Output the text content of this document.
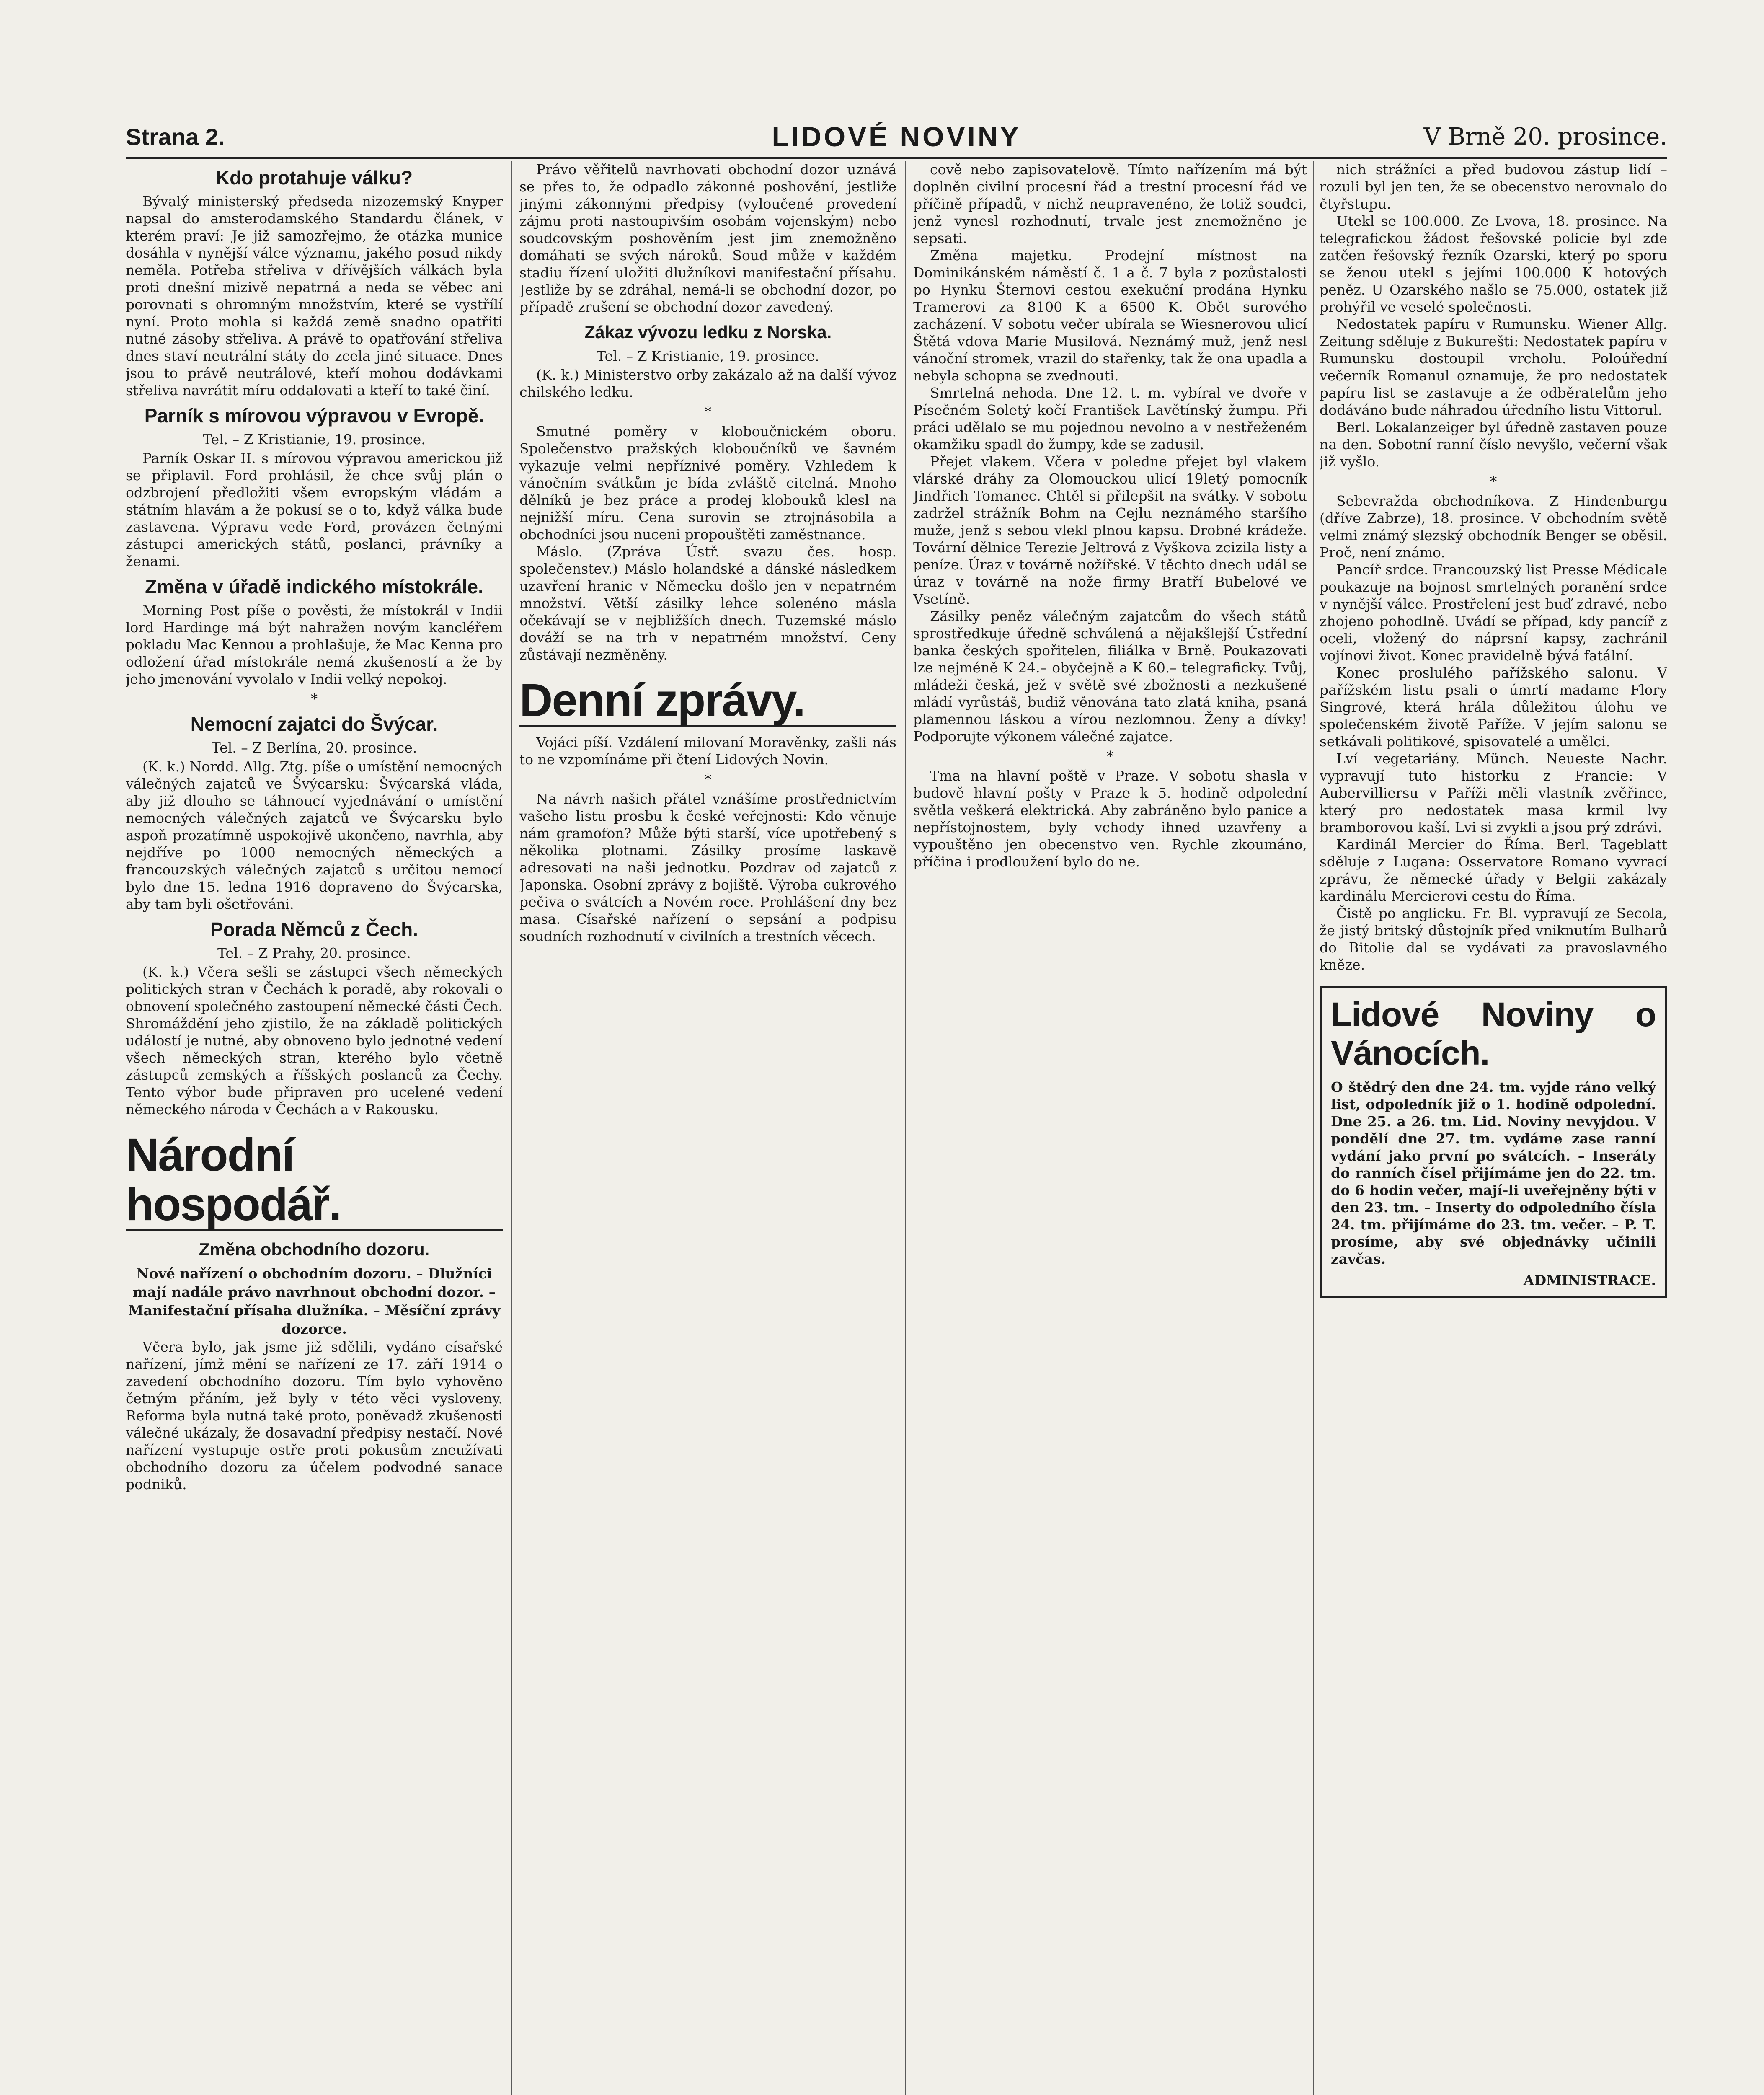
Strana 2.	LIDOVÉ NOVINY	V Brně 20. prosince.
Kdo protahuje válku?

Bývalý ministerský předseda nizozemský Knyper napsal do amsterodamského Standardu článek, v kterém praví: Je již samozřejmo, že otázka munice dosáhla v nynější válce významu, jakého posud nikdy neměla. Potřeba střeliva v dřívějších válkách byla proti dnešní mizivě nepatrná a neda se věbec ani porovnati s ohromným množstvím, které se vystřílí nyní. Proto mohla si každá země snadno opatřiti nutné zásoby střeliva. A právě to opatřování střeliva dnes staví neutrální státy do zcela jiné situace. Dnes jsou to právě neutrálové, kteří mohou dodávkami střeliva navrátit míru oddalovati a kteří to také činí.

Parník s mírovou výpravou v Evropě.

Tel. – Z Kristianie, 19. prosince.

Parník Oskar II. s mírovou výpravou americkou již se připlavil. Ford prohlásil, že chce svůj plán o odzbrojení předložiti všem evropským vládám a státním hlavám a že pokusí se o to, když válka bude zastavena. Výpravu vede Ford, provázen četnými zástupci amerických států, poslanci, právníky a ženami.

Změna v úřadě indického místokrále.

Morning Post píše o pověsti, že místokrál v Indii lord Hardinge má být nahražen novým kancléřem pokladu Mac Kennou a prohlašuje, že Mac Kenna pro odložení úřad místokrále nemá zkušeností a že by jeho jmenování vyvolalo v Indii velký nepokoj.

*

Nemocní zajatci do Švýcar.

Tel. – Z Berlína, 20. prosince.

(K. k.) Nordd. Allg. Ztg. píše o umístění nemocných válečných zajatců ve Švýcarsku: Švýcarská vláda, aby již dlouho se táhnoucí vyjednávání o umístění nemocných válečných zajatců ve Švýcarsku bylo aspoň prozatímně uspokojivě ukončeno, navrhla, aby nejdříve po 1000 nemocných německých a francouzských válečných zajatců s určitou nemocí bylo dne 15. ledna 1916 dopraveno do Švýcarska, aby tam byli ošetřováni.

Porada Němců z Čech.

Tel. – Z Prahy, 20. prosince.

(K. k.) Včera sešli se zástupci všech německých politických stran v Čechách k poradě, aby rokovali o obnovení společného zastoupení německé části Čech. Shromáždění jeho zjistilo, že na základě politických událostí je nutné, aby obnoveno bylo jednotné vedení všech německých stran, kterého bylo včetně zástupců zemských a říšských poslanců za Čechy. Tento výbor bude připraven pro ucelené vedení německého národa v Čechách a v Rakousku.

Národní hospodář.
Změna obchodního dozoru.

Nové nařízení o obchodním dozoru. – Dlužníci mají nadále právo navrhnout obchodní dozor. – Manifestační přísaha dlužníka. – Měsíční zprávy dozorce.

Včera bylo, jak jsme již sdělili, vydáno císařské nařízení, jímž mění se nařízení ze 17. září 1914 o zavedení obchodního dozoru. Tím bylo vyhověno četným přáním, jež byly v této věci vysloveny. Reforma byla nutná také proto, poněvadž zkušenosti válečné ukázaly, že dosavadní předpisy nestačí. Nové nařízení vystupuje ostře proti pokusům zneužívati obchodního dozoru za účelem podvodné sanace podniků.

Právo věřitelů navrhovati obchodní dozor uznává se přes to, že odpadlo zákonné poshovění, jestliže jinými zákonnými předpisy (vyloučené provedení zájmu proti nastoupivším osobám vojenským) nebo soudcovským poshověním jest jim znemožněno domáhati se svých nároků. Soud může v každém stadiu řízení uložiti dlužníkovi manifestační přísahu. Jestliže by se zdráhal, nemá-li se obchodní dozor, po případě zrušení se obchodní dozor zavedený.

Zákaz vývozu ledku z Norska.

Tel. – Z Kristianie, 19. prosince.

(K. k.) Ministerstvo orby zakázalo až na další vývoz chilského ledku.

*

Smutné poměry v kloboučnickém oboru. Společenstvo pražských kloboučníků ve šavném vykazuje velmi nepříznivé poměry. Vzhledem k vánočním svátkům je bída zvláště citelná. Mnoho dělníků je bez práce a prodej klobouků klesl na nejnižší míru. Cena surovin se ztrojnásobila a obchodníci jsou nuceni propouštěti zaměstnance.

Máslo. (Zpráva Ústř. svazu čes. hosp. společenstev.) Máslo holandské a dánské následkem uzavření hranic v Německu došlo jen v nepatrném množství. Větší zásilky lehce solenéno másla očekávají se v nejbližších dnech. Tuzemské máslo dováží se na trh v nepatrném množství. Ceny zůstávají nezměněny.

Denní zprávy.

Vojáci píší. Vzdálení milovaní Moravěnky, zašli nás to ne vzpomínáme při čtení Lidových Novin.

*

Na návrh našich přátel vznášíme prostřednictvím vašeho listu prosbu k české veřejnosti: Kdo věnuje nám gramofon? Může býti starší, více upotřebený s několika plotnami. Zásilky prosíme laskavě adresovati na naši jednotku. Pozdrav od zajatců z Japonska. Osobní zprávy z bojiště. Výroba cukrového pečiva o svátcích a Novém roce. Prohlášení dny bez masa. Císařské nařízení o sepsání a podpisu soudních rozhodnutí v civilních a trestních věcech.

cově nebo zapisovatelově. Tímto nařízením má být doplněn civilní procesní řád a trestní procesní řád ve příčině případů, v nichž neupravenéno, že totiž soudci, jenž vynesl rozhodnutí, trvale jest znemožněno je sepsati.

Změna majetku. Prodejní místnost na Dominikánském náměstí č. 1 a č. 7 byla z pozůstalosti po Hynku Šternovi cestou exekuční prodána Hynku Tramerovi za 8100 K a 6500 K. Obět surového zacházení. V sobotu večer ubírala se Wiesnerovou ulicí Štětá vdova Marie Musilová. Neznámý muž, jenž nesl vánoční stromek, vrazil do stařenky, tak že ona upadla a nebyla schopna se zvednouti.

Smrtelná nehoda. Dne 12. t. m. vybíral ve dvoře v Písečném Soletý kočí František Lavětínský žumpu. Při práci udělalo se mu pojednou nevolno a v nestřeženém okamžiku spadl do žumpy, kde se zadusil.

Přejet vlakem. Včera v poledne přejet byl vlakem vlárské dráhy za Olomouckou ulicí 19letý pomocník Jindřich Tomanec. Chtěl si přilepšit na svátky. V sobotu zadržel strážník Bohm na Cejlu neznámého staršího muže, jenž s sebou vlekl plnou kapsu. Drobné krádeže. Tovární dělnice Terezie Jeltrová z Vyškova zcizila listy a peníze. Úraz v továrně nožířské. V těchto dnech udál se úraz v továrně na nože firmy Bratří Bubelové ve Vsetíně.

Zásilky peněz válečným zajatcům do všech států sprostředkuje úředně schválená a nějakšlejší Ústřední banka českých spořitelen, filiálka v Brně. Poukazovati lze nejméně K 24.– obyčejně a K 60.– telegraficky. Tvůj, mládeži česká, jež v světě své zbožnosti a nezkušené mládí vyrůstáš, budiž věnována tato zlatá kniha, psaná plamennou láskou a vírou nezlomnou. Ženy a dívky! Podporujte výkonem válečné zajatce.

*

Tma na hlavní poště v Praze. V sobotu shasla v budově hlavní pošty v Praze k 5. hodině odpolední světla veškerá elektrická. Aby zabráněno bylo panice a nepřístojnostem, byly vchody ihned uzavřeny a vypouštěno jen obecenstvo ven. Rychle zkoumáno, příčina i prodloužení bylo do ne.

nich strážníci a před budovou zástup lidí – rozuli byl jen ten, že se obecenstvo nerovnalo do čtyřstupu.

Utekl se 100.000. Ze Lvova, 18. prosince. Na telegrafickou žádost řešovské policie byl zde zatčen řešovský řezník Ozarski, který po sporu se ženou utekl s jejími 100.000 K hotových peněz. U Ozarského našlo se 75.000, ostatek již prohýřil ve veselé společnosti.

Nedostatek papíru v Rumunsku. Wiener Allg. Zeitung sděluje z Bukurešti: Nedostatek papíru v Rumunsku dostoupil vrcholu. Poloúřední večerník Romanul oznamuje, že pro nedostatek papíru list se zastavuje a že odběratelům jeho dodáváno bude náhradou úředního listu Vittorul.

Berl. Lokalanzeiger byl úředně zastaven pouze na den. Sobotní ranní číslo nevyšlo, večerní však již vyšlo.

*

Sebevražda obchodníkova. Z Hindenburgu (dříve Zabrze), 18. prosince. V obchodním světě velmi známý slezský obchodník Benger se oběsil. Proč, není známo.

Pancíř srdce. Francouzský list Presse Médicale poukazuje na bojnost smrtelných poranění srdce v nynější válce. Prostřelení jest buď zdravé, nebo zhojeno pohodlně. Uvádí se případ, kdy pancíř z oceli, vložený do náprsní kapsy, zachránil vojínovi život. Konec pravidelně bývá fatální.

Konec proslulého pařížského salonu. V pařížském listu psali o úmrtí madame Flory Singrové, která hrála důležitou úlohu ve společenském životě Paříže. V jejím salonu se setkávali politikové, spisovatelé a umělci.

Lví vegetariány. Münch. Neueste Nachr. vypravují tuto historku z Francie: V Aubervilliersu v Paříži měli vlastník zvěřince, který pro nedostatek masa krmil lvy bramborovou kaší. Lvi si zvykli a jsou prý zdrávi.

Kardinál Mercier do Říma. Berl. Tageblatt sděluje z Lugana: Osservatore Romano vyvrací zprávu, že německé úřady v Belgii zakázaly kardinálu Mercierovi cestu do Říma.

Čistě po anglicku. Fr. Bl. vypravují ze Secola, že jistý britský důstojník před vniknutím Bulharů do Bitolie dal se vydávati za pravoslavného kněze.

Lidové Noviny o Vánocích.

O štědrý den dne 24. tm. vyjde ráno velký list, odpoledník již o 1. hodině odpolední. Dne 25. a 26. tm. Lid. Noviny nevyjdou. V pondělí dne 27. tm. vydáme zase ranní vydání jako první po svátcích. – Inseráty do ranních čísel přijímáme jen do 22. tm. do 6 hodin večer, mají-li uveřejněny býti v den 23. tm. – Inserty do odpoledního čísla 24. tm. přijímáme do 23. tm. večer. – P. T. prosíme, aby své objednávky učinili zavčas.

ADMINISTRACE.
